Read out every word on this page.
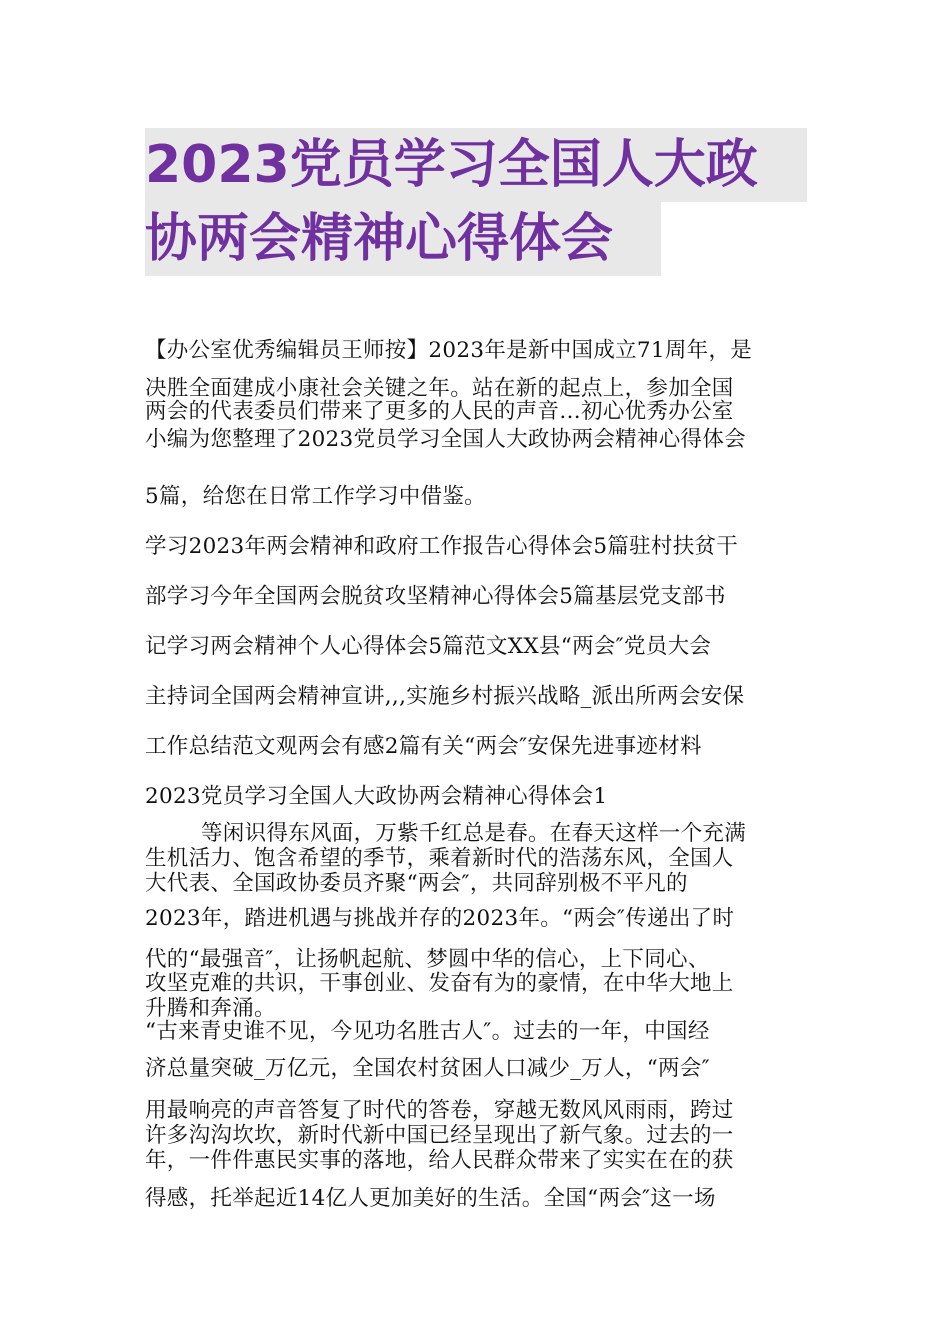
2023党员学习全国人大政
协两会精神心得体会
【办公室优秀编辑员王师按】2023年是新中国成立71周年，是
决胜全面建成小康社会关键之年。站在新的起点上，参加全国
两会的代表委员们带来了更多的人民的声音…初心优秀办公室
小编为您整理了2023党员学习全国人大政协两会精神心得体会
5篇，给您在日常工作学习中借鉴。
学习2023年两会精神和政府工作报告心得体会5篇驻村扶贫干
部学习今年全国两会脱贫攻坚精神心得体会5篇基层党支部书
记学习两会精神个人心得体会5篇范文XX县“两会″党员大会
主持词全国两会精神宣讲,,,实施乡村振兴战略_派出所两会安保
工作总结范文观两会有感2篇有关“两会″安保先进事迹材料
2023党员学习全国人大政协两会精神心得体会1
等闲识得东风面，万紫千红总是春。在春天这样一个充满
生机活力、饱含希望的季节，乘着新时代的浩荡东风，全国人
大代表、全国政协委员齐聚“两会″，共同辞别极不平凡的
2023年，踏进机遇与挑战并存的2023年。“两会″传递出了时
代的“最强音″，让扬帆起航、梦圆中华的信心，上下同心、
攻坚克难的共识，干事创业、发奋有为的豪情，在中华大地上
升腾和奔涌。
“古来青史谁不见，今见功名胜古人″。过去的一年，中国经
济总量突破_万亿元，全国农村贫困人口减少_万人，“两会″
用最响亮的声音答复了时代的答卷，穿越无数风风雨雨，跨过
许多沟沟坎坎，新时代新中国已经呈现出了新气象。过去的一
年，一件件惠民实事的落地，给人民群众带来了实实在在的获
得感，托举起近14亿人更加美好的生活。全国“两会″这一场
